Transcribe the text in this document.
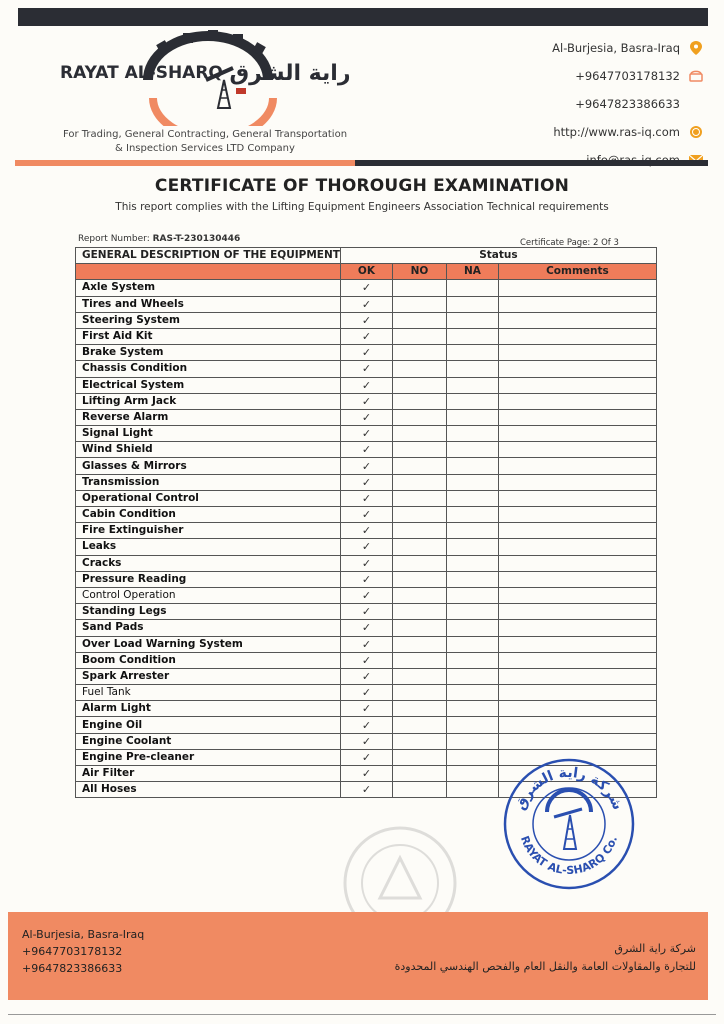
RAYAT AL-SHARQ راية الشرق
For Trading, General Contracting, General Transportation
& Inspection Services LTD Company
Al-Burjesia, Basra-Iraq
+9647703178132
+9647823386633
http://www.ras-iq.com
CERTIFICATE OF THOROUGH EXAMINATION
This report complies with the Lifting Equipment Engineers Association Technical requirements
Report Number: RAS-T-230130446	Certificate Page: 2 Of 3
GENERAL DESCRIPTION OF THE EQUIPMENT	Status			
	OK	NO	NA	Comments
Axle System	✓			
Tires and Wheels	✓			
Steering System	✓			
First Aid Kit	✓			
Brake System	✓			
Chassis Condition	✓			
Electrical System	✓			
Lifting Arm Jack	✓			
Reverse Alarm	✓			
Signal Light	✓			
Wind Shield	✓			
Glasses & Mirrors	✓			
Transmission	✓			
Operational Control	✓			
Cabin Condition	✓			
Fire Extinguisher	✓			
Leaks	✓			
Cracks	✓			
Pressure Reading	✓			
Control Operation	✓			
Standing Legs	✓			
Sand Pads	✓			
Over Load Warning System	✓			
Boom Condition	✓			
Spark Arrester	✓			
Fuel Tank	✓			
Alarm Light	✓			
Engine Oil	✓			
Engine Coolant	✓			
Engine Pre-cleaner	✓			
Air Filter	✓			
All Hoses	✓			
شركة راية الشرق
RAYAT AL-SHARQ Co.
Al-Burjesia, Basra-Iraq
+9647703178132
+9647823386633
شركة راية الشرق
للتجارة والمقاولات العامة والنقل العام والفحص الهندسي المحدودة
